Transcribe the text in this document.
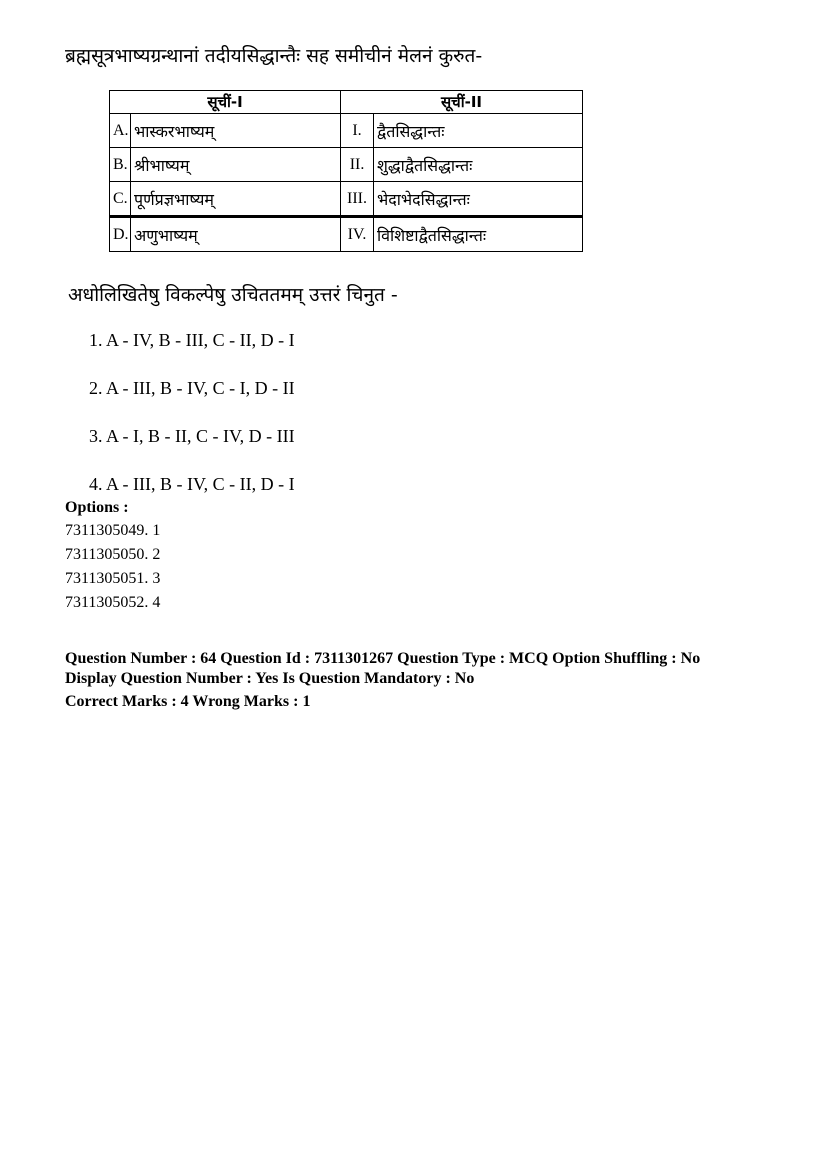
ब्रह्मसूत्रभाष्यग्रन्थानां तदीयसिद्धान्तैः सह समीचीनं मेलनं कुरुत-
सूचीं-I		सूचीं-II	
A.	भास्करभाष्यम्	I.	द्वैतसिद्धान्तः
B.	श्रीभाष्यम्	II.	शुद्धाद्वैतसिद्धान्तः
C.	पूर्णप्रज्ञभाष्यम्	III.	भेदाभेदसिद्धान्तः
D.	अणुभाष्यम्	IV.	विशिष्टाद्वैतसिद्धान्तः
अधोलिखितेषु विकल्पेषु उचिततमम् उत्तरं चिनुत -
1. A - IV, B - III, C - II, D - I
2. A - III, B - IV, C - I, D - II
3. A - I, B - II, C - IV, D - III
4. A - III, B - IV, C - II, D - I
Options :
7311305049. 1
7311305050. 2
7311305051. 3
7311305052. 4
Question Number : 64 Question Id : 7311301267 Question Type : MCQ Option Shuffling : No
Display Question Number : Yes Is Question Mandatory : No
Correct Marks : 4 Wrong Marks : 1
